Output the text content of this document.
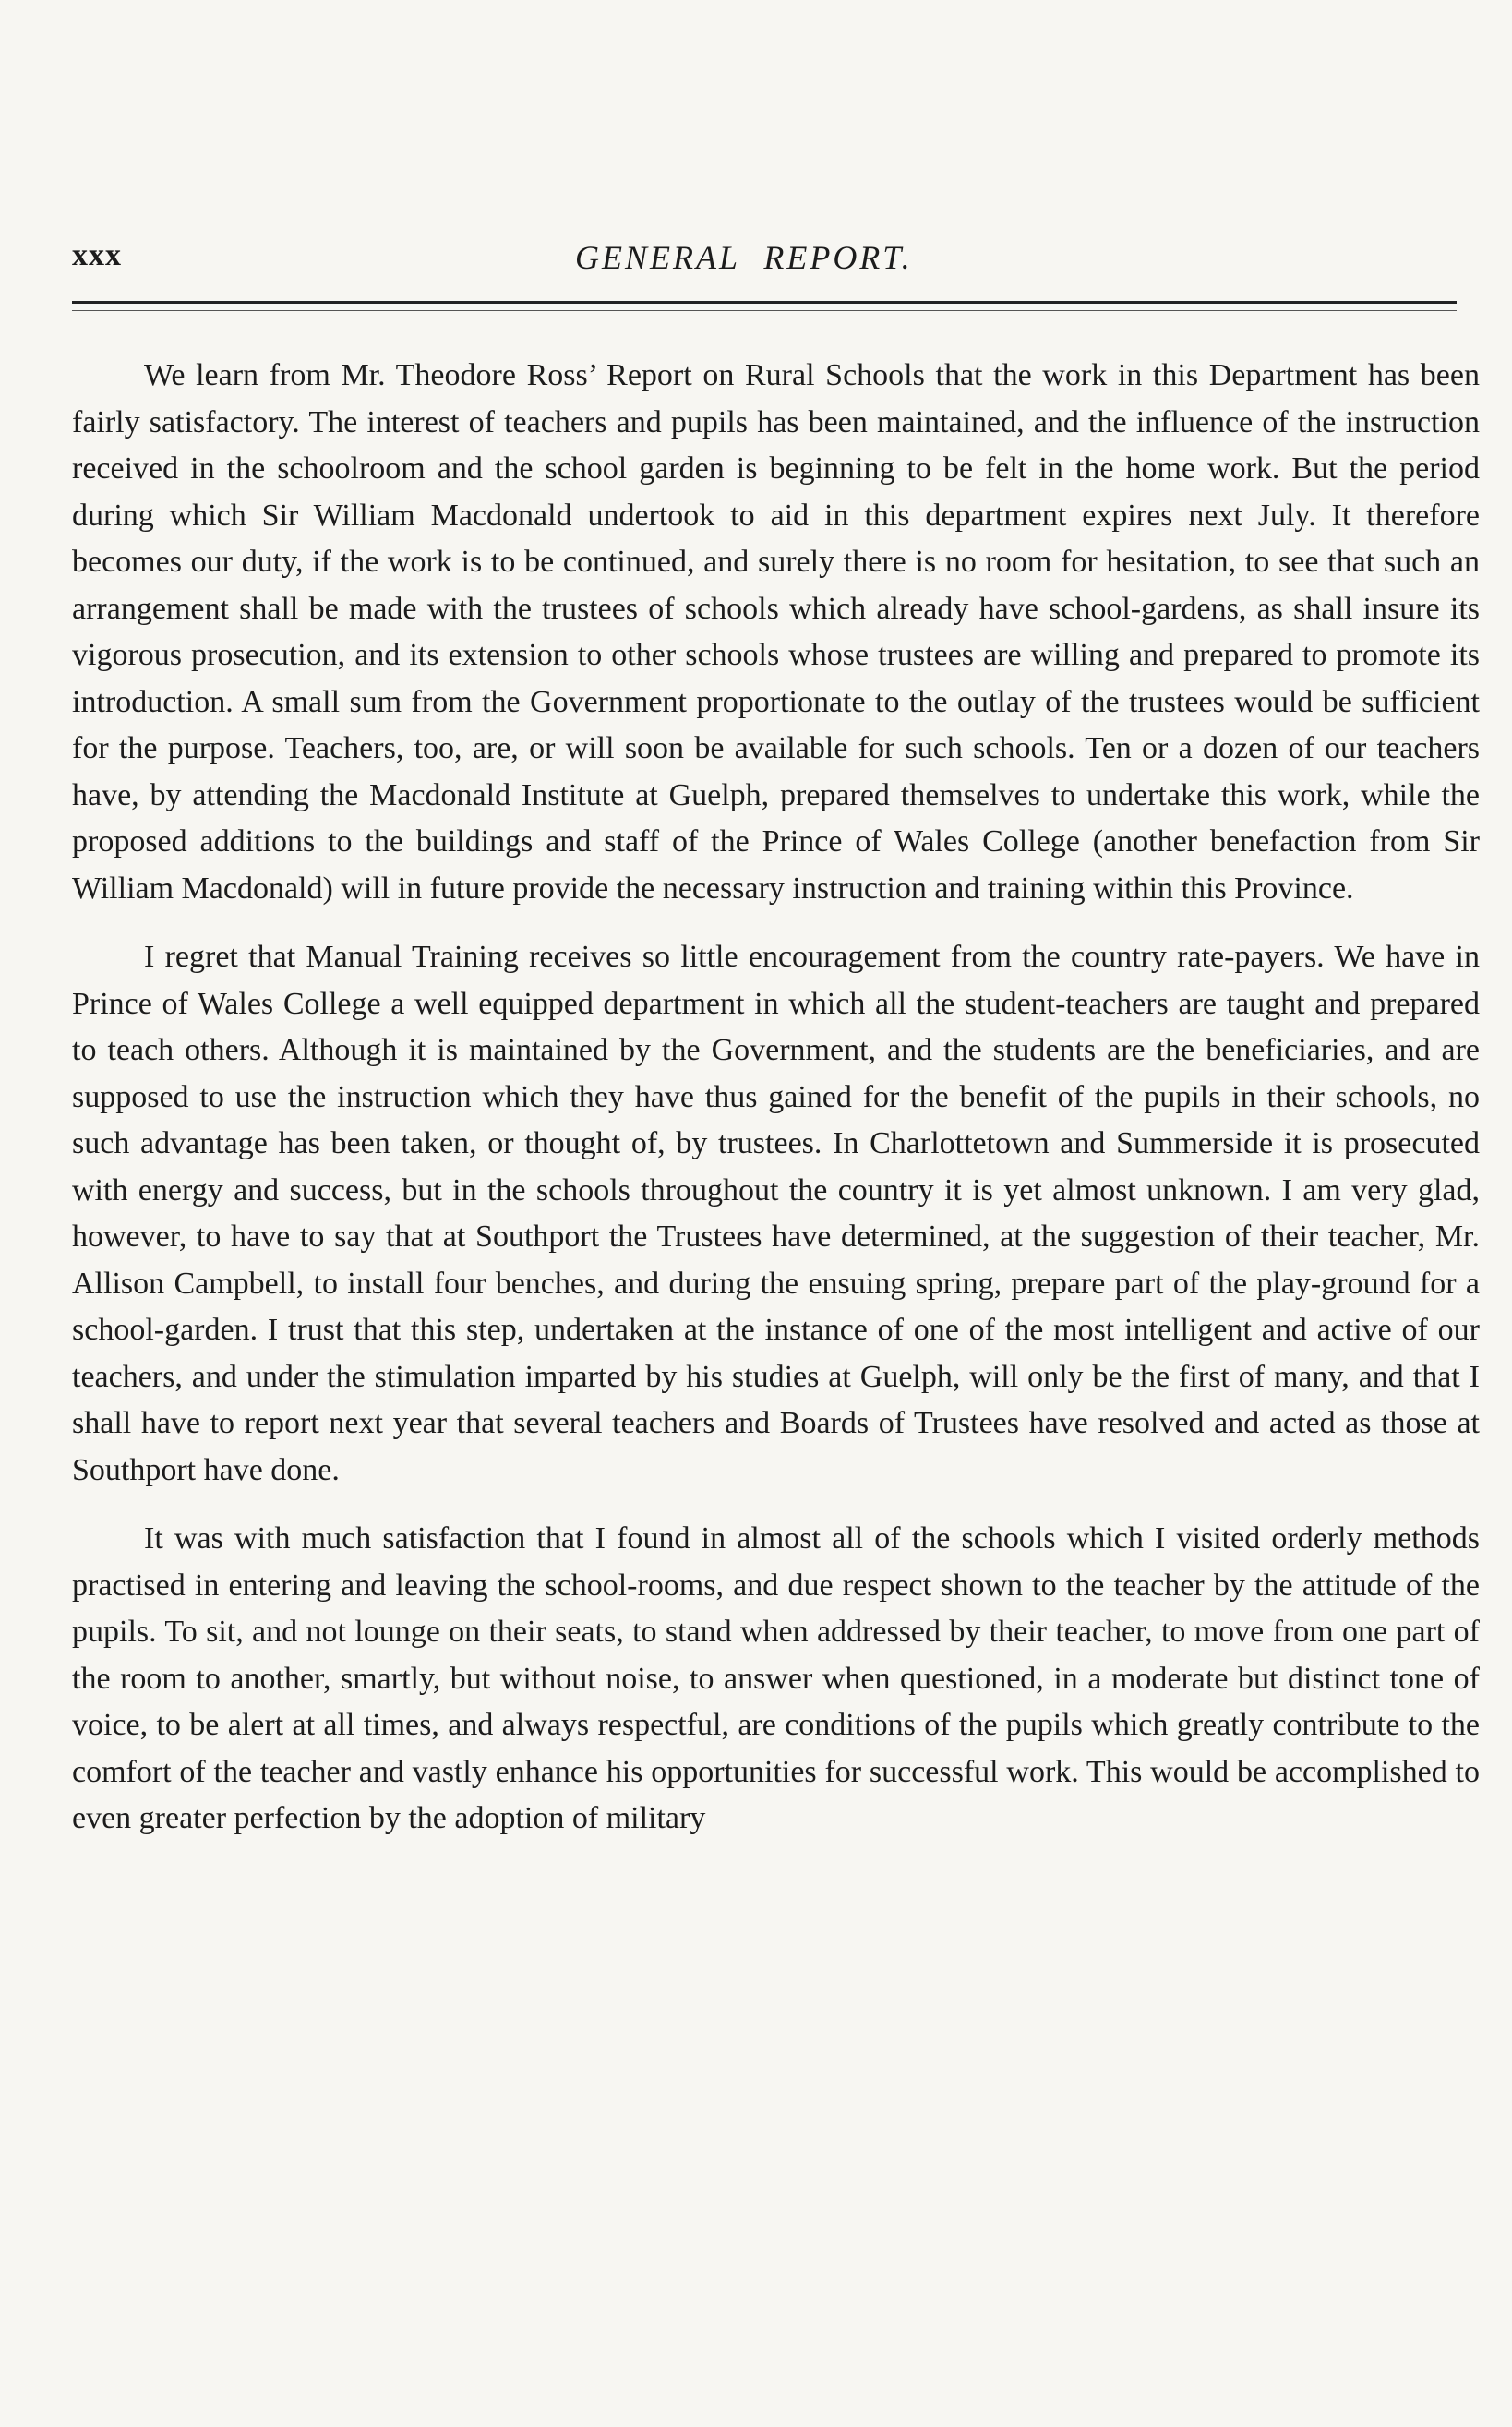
xxx	GENERAL REPORT.

We learn from Mr. Theodore Ross’ Report on Rural Schools that the work in this Department has been fairly satisfactory. The interest of teachers and pupils has been maintained, and the influence of the instruction received in the schoolroom and the school garden is beginning to be felt in the home work. But the period during which Sir William Macdonald undertook to aid in this department expires next July. It therefore becomes our duty, if the work is to be continued, and surely there is no room for hesitation, to see that such an arrangement shall be made with the trustees of schools which already have school-gardens, as shall insure its vigorous prosecution, and its extension to other schools whose trustees are willing and prepared to promote its introduction. A small sum from the Government proportionate to the outlay of the trustees would be sufficient for the purpose. Teachers, too, are, or will soon be available for such schools. Ten or a dozen of our teachers have, by attending the Macdonald Institute at Guelph, prepared themselves to undertake this work, while the proposed additions to the buildings and staff of the Prince of Wales College (another benefaction from Sir William Macdonald) will in future provide the necessary instruction and training within this Province.

I regret that Manual Training receives so little encouragement from the country rate-payers. We have in Prince of Wales College a well equipped department in which all the student-teachers are taught and prepared to teach others. Although it is maintained by the Government, and the students are the beneficiaries, and are supposed to use the instruction which they have thus gained for the benefit of the pupils in their schools, no such advantage has been taken, or thought of, by trustees. In Charlottetown and Summerside it is prosecuted with energy and success, but in the schools throughout the country it is yet almost unknown. I am very glad, however, to have to say that at Southport the Trustees have determined, at the suggestion of their teacher, Mr. Allison Campbell, to install four benches, and during the ensuing spring, prepare part of the play-ground for a school-garden. I trust that this step, undertaken at the instance of one of the most intelligent and active of our teachers, and under the stimulation imparted by his studies at Guelph, will only be the first of many, and that I shall have to report next year that several teachers and Boards of Trustees have resolved and acted as those at Southport have done.

It was with much satisfaction that I found in almost all of the schools which I visited orderly methods practised in entering and leaving the school-rooms, and due respect shown to the teacher by the attitude of the pupils. To sit, and not lounge on their seats, to stand when addressed by their teacher, to move from one part of the room to another, smartly, but without noise, to answer when questioned, in a moderate but distinct tone of voice, to be alert at all times, and always respectful, are conditions of the pupils which greatly contribute to the comfort of the teacher and vastly enhance his opportunities for successful work. This would be accomplished to even greater perfection by the adoption of military
